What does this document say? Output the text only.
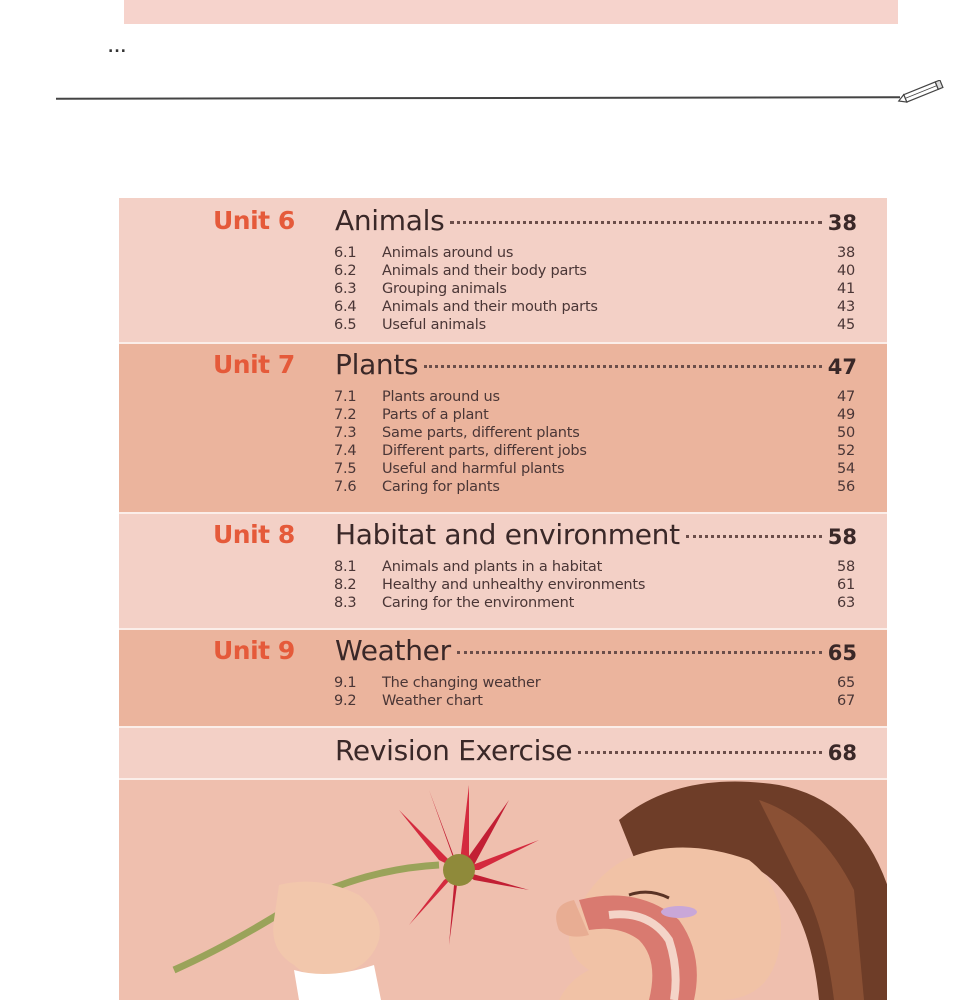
...
Unit 6 Animals	38
6.1	Animals around us	38
6.2	Animals and their body parts	40
6.3	Grouping animals	41
6.4	Animals and their mouth parts	43
6.5	Useful animals	45
Unit 7 Plants	47
7.1	Plants around us	47
7.2	Parts of a plant	49
7.3	Same parts, different plants	50
7.4	Different parts, different jobs	52
7.5	Useful and harmful plants	54
7.6	Caring for plants	56
Unit 8 Habitat and environment	58
8.1	Animals and plants in a habitat	58
8.2	Healthy and unhealthy environments	61
8.3	Caring for the environment	63
Unit 9 Weather	65
9.1	The changing weather	65
9.2	Weather chart	67
Revision Exercise	68
